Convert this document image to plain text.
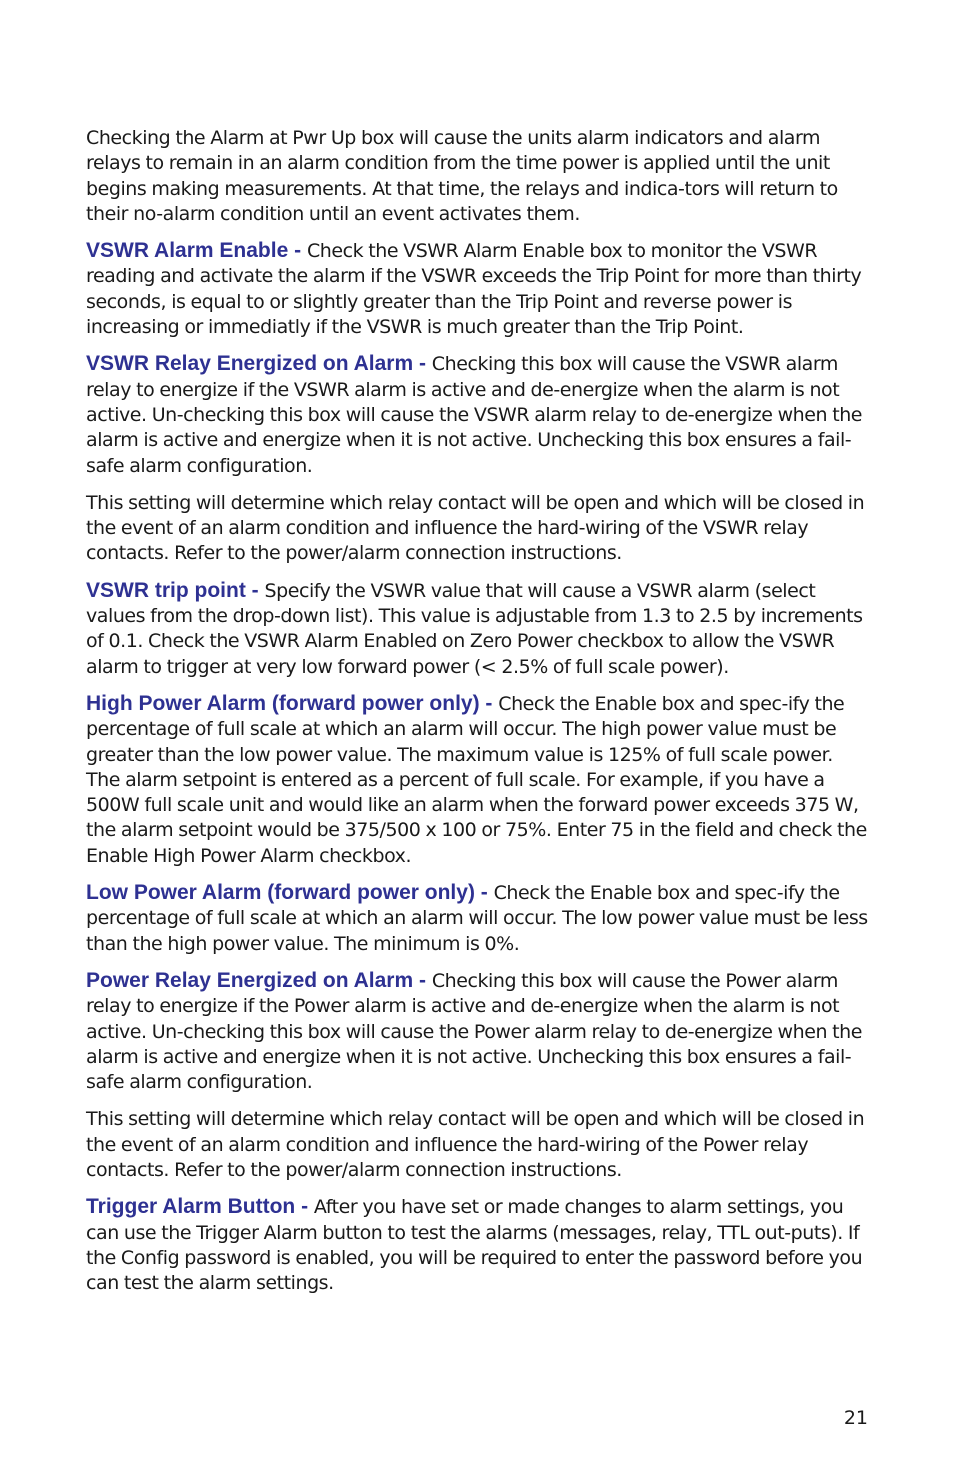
Checking the Alarm at Pwr Up box will cause the units alarm indicators and alarm relays to remain in an alarm condition from the time power is applied until the unit begins making measurements. At that time, the relays and indica-tors will return to their no-alarm condition until an event activates them.

VSWR Alarm Enable - Check the VSWR Alarm Enable box to monitor the VSWR reading and activate the alarm if the VSWR exceeds the Trip Point for more than thirty seconds, is equal to or slightly greater than the Trip Point and reverse power is increasing or immediatly if the VSWR is much greater than the Trip Point.

VSWR Relay Energized on Alarm - Checking this box will cause the VSWR alarm relay to energize if the VSWR alarm is active and de-energize when the alarm is not active. Un-checking this box will cause the VSWR alarm relay to de-energize when the alarm is active and energize when it is not active. Unchecking this box ensures a fail-safe alarm configuration.

This setting will determine which relay contact will be open and which will be closed in the event of an alarm condition and influence the hard-wiring of the VSWR relay contacts. Refer to the power/alarm connection instructions.

VSWR trip point - Specify the VSWR value that will cause a VSWR alarm (select values from the drop-down list). This value is adjustable from 1.3 to 2.5 by increments of 0.1. Check the VSWR Alarm Enabled on Zero Power checkbox to allow the VSWR alarm to trigger at very low forward power (< 2.5% of full scale power).

High Power Alarm (forward power only) - Check the Enable box and spec-ify the percentage of full scale at which an alarm will occur. The high power value must be greater than the low power value. The maximum value is 125% of full scale power. The alarm setpoint is entered as a percent of full scale. For example, if you have a 500W full scale unit and would like an alarm when the forward power exceeds 375 W, the alarm setpoint would be 375/500 x 100 or 75%. Enter 75 in the field and check the Enable High Power Alarm checkbox.

Low Power Alarm (forward power only) - Check the Enable box and spec-ify the percentage of full scale at which an alarm will occur. The low power value must be less than the high power value. The minimum is 0%.

Power Relay Energized on Alarm - Checking this box will cause the Power alarm relay to energize if the Power alarm is active and de-energize when the alarm is not active. Un-checking this box will cause the Power alarm relay to de-energize when the alarm is active and energize when it is not active. Unchecking this box ensures a fail-safe alarm configuration.

This setting will determine which relay contact will be open and which will be closed in the event of an alarm condition and influence the hard-wiring of the Power relay contacts. Refer to the power/alarm connection instructions.

Trigger Alarm Button - After you have set or made changes to alarm settings, you can use the Trigger Alarm button to test the alarms (messages, relay, TTL out-puts). If the Config password is enabled, you will be required to enter the password before you can test the alarm settings.

21
